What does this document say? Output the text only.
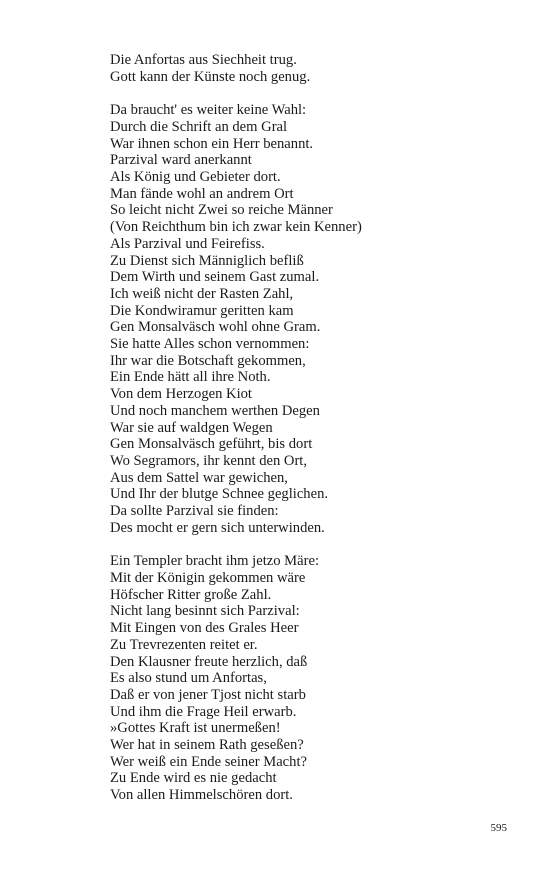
Die Anfortas aus Siechheit trug.
Gott kann der Künste noch genug.
Da braucht' es weiter keine Wahl:
Durch die Schrift an dem Gral
War ihnen schon ein Herr benannt.
Parzival ward anerkannt
Als König und Gebieter dort.
Man fände wohl an andrem Ort
So leicht nicht Zwei so reiche Männer
(Von Reichthum bin ich zwar kein Kenner)
Als Parzival und Feirefiss.
Zu Dienst sich Männiglich befliß
Dem Wirth und seinem Gast zumal.
Ich weiß nicht der Rasten Zahl,
Die Kondwiramur geritten kam
Gen Monsalväsch wohl ohne Gram.
Sie hatte Alles schon vernommen:
Ihr war die Botschaft gekommen,
Ein Ende hätt all ihre Noth.
Von dem Herzogen Kiot
Und noch manchem werthen Degen
War sie auf waldgen Wegen
Gen Monsalväsch geführt, bis dort
Wo Segramors, ihr kennt den Ort,
Aus dem Sattel war gewichen,
Und Ihr der blutge Schnee geglichen.
Da sollte Parzival sie finden:
Des mocht er gern sich unterwinden.
Ein Templer bracht ihm jetzo Märe:
Mit der Königin gekommen wäre
Höfscher Ritter große Zahl.
Nicht lang besinnt sich Parzival:
Mit Eingen von des Grales Heer
Zu Trevrezenten reitet er.
Den Klausner freute herzlich, daß
Es also stund um Anfortas,
Daß er von jener Tjost nicht starb
Und ihm die Frage Heil erwarb.
»Gottes Kraft ist unermeßen!
Wer hat in seinem Rath geseßen?
Wer weiß ein Ende seiner Macht?
Zu Ende wird es nie gedacht
Von allen Himmelschören dort.
595
